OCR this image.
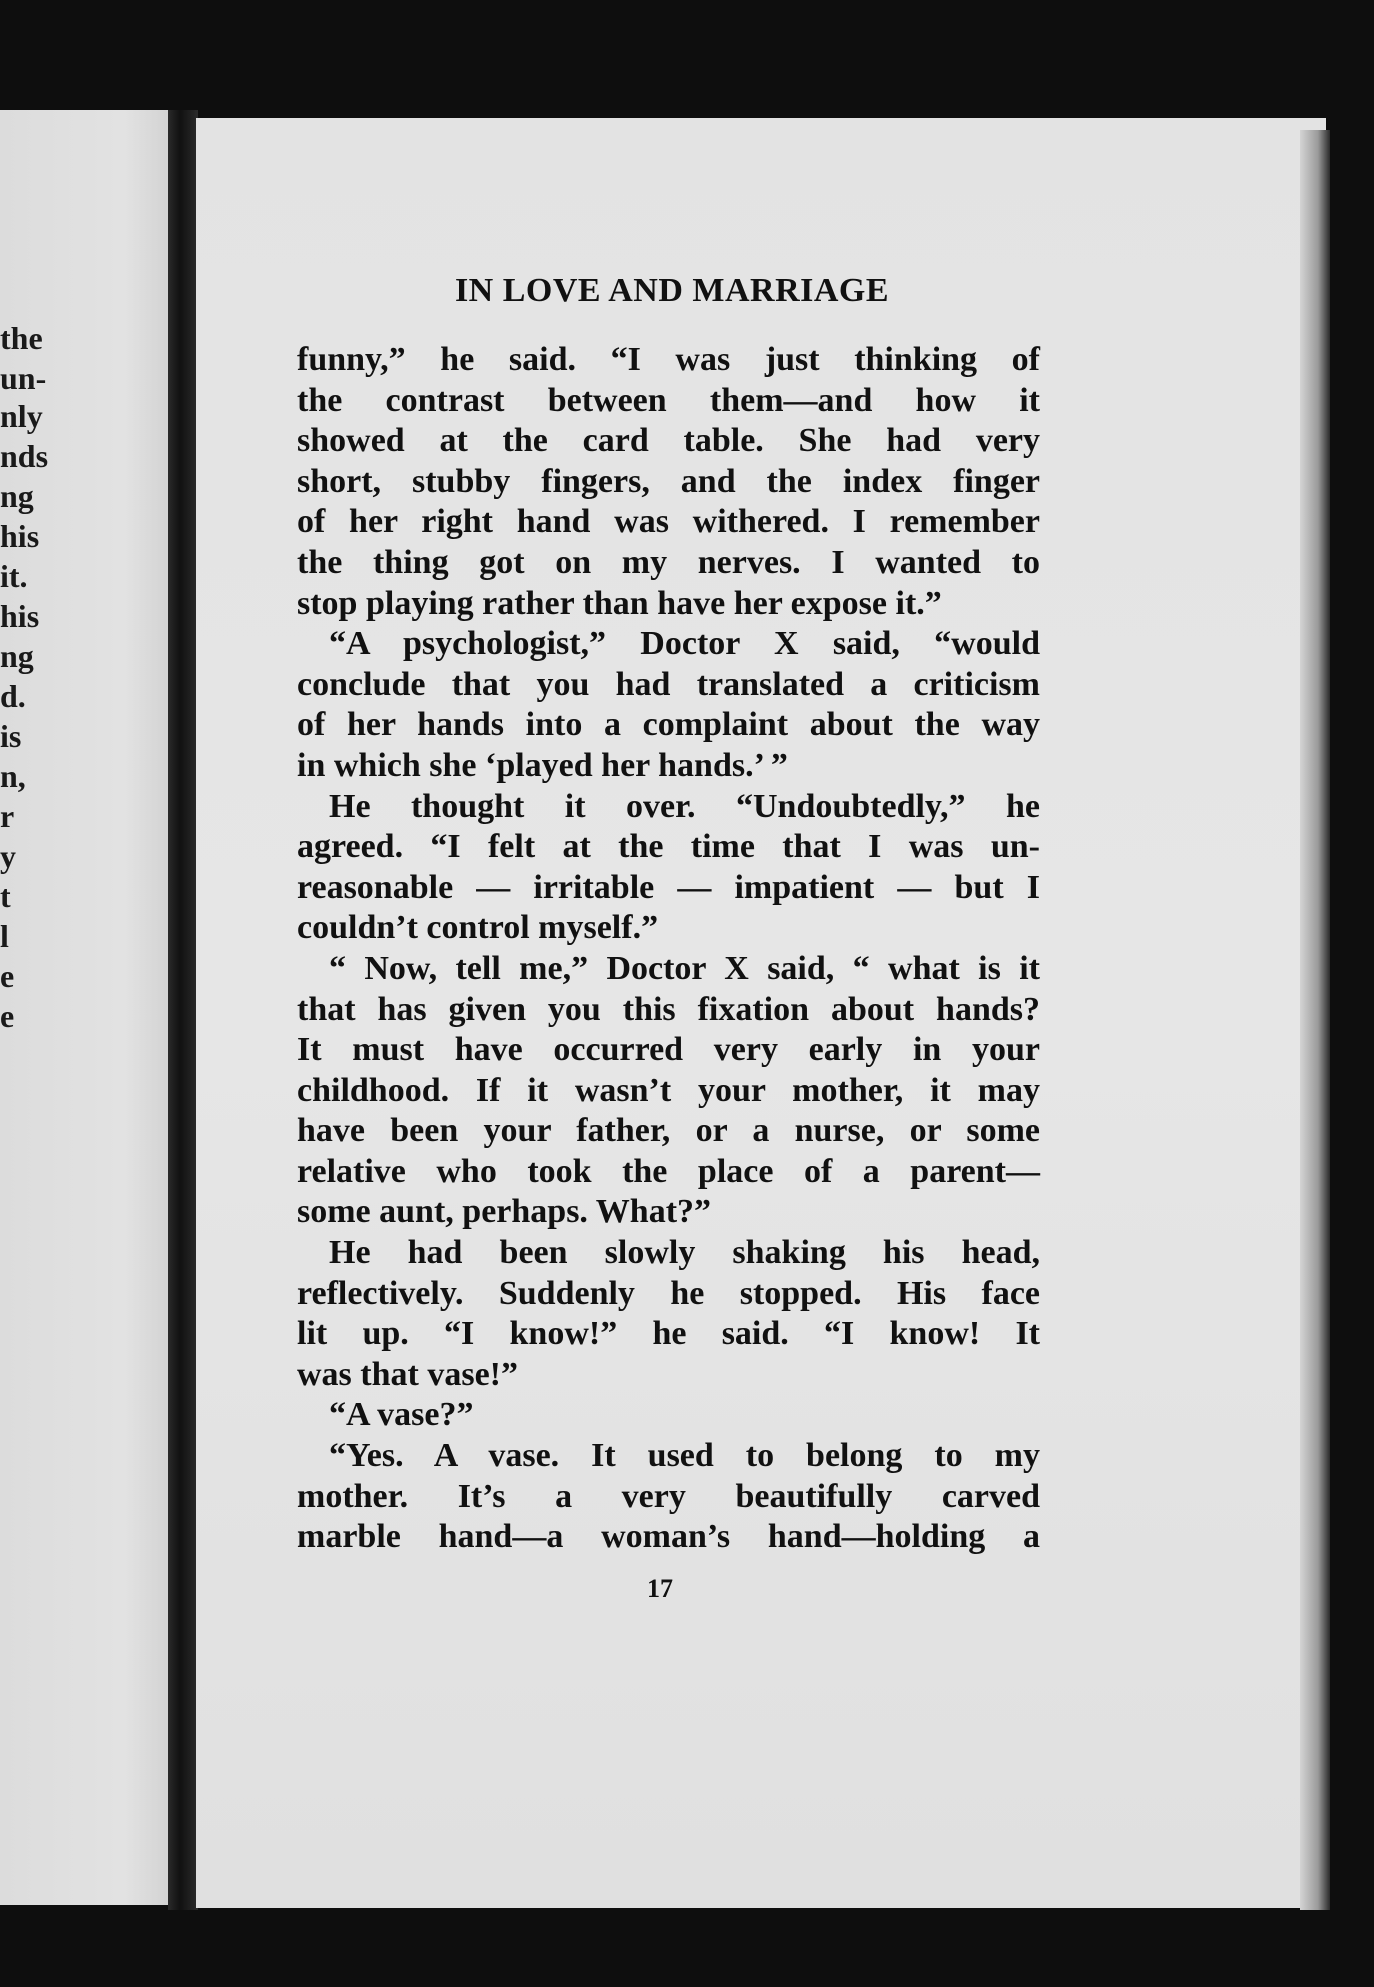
the
un-
nly
nds
ng
his
it.
his
ng
d.
is
n,
r
y
t
l
e
e
IN LOVE AND MARRIAGE
funny,” he said. “I was just thinking of
the contrast between them—and how it
showed at the card table. She had very
short, stubby fingers, and the index finger
of her right hand was withered. I remember
the thing got on my nerves. I wanted to
stop playing rather than have her expose it.”
“A psychologist,” Doctor X said, “would
conclude that you had translated a criticism
of her hands into a complaint about the way
in which she ‘played her hands.’ ”
He thought it over. “Undoubtedly,” he
agreed. “I felt at the time that I was un-
reasonable — irritable — impatient — but I
couldn’t control myself.”
“ Now, tell me,” Doctor X said, “ what is it
that has given you this fixation about hands?
It must have occurred very early in your
childhood. If it wasn’t your mother, it may
have been your father, or a nurse, or some
relative who took the place of a parent—
some aunt, perhaps. What?”
He had been slowly shaking his head,
reflectively. Suddenly he stopped. His face
lit up. “I know!” he said. “I know! It
was that vase!”
“A vase?”
“Yes. A vase. It used to belong to my
mother. It’s a very beautifully carved
marble hand—a woman’s hand—holding a
17
